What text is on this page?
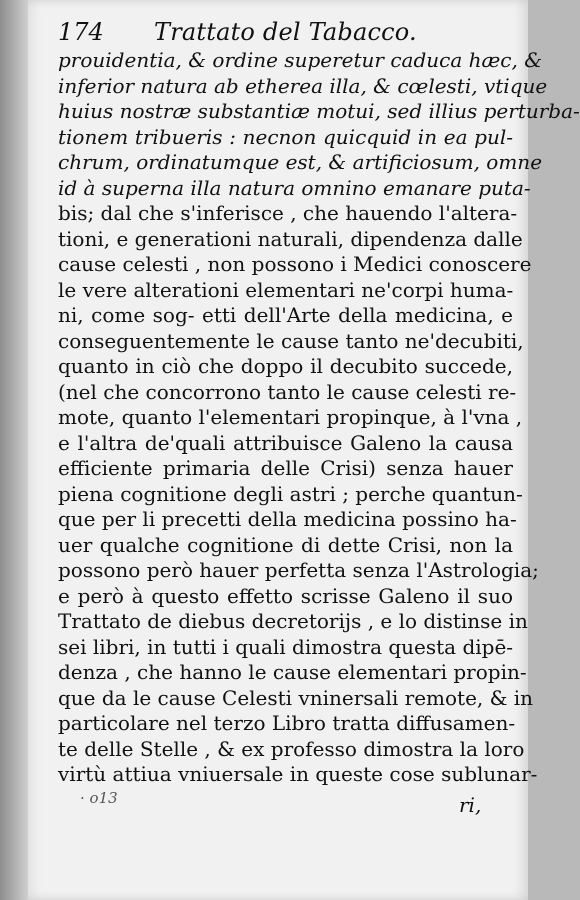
174 Trattato del Tabacco.
prouidentia, & ordine superetur caduca hæc, &
inferior natura ab etherea illa, & cœlesti, vtique
huius nostræ substantiæ motui, sed illius perturba-
tionem tribueris : necnon quicquid in ea pul-
chrum, ordinatumque est, & artificiosum, omne
id à superna illa natura omnino emanare puta-
bis; dal che s'inferisce , che hauendo l'altera-
tioni, e generationi naturali, dipendenza dalle
cause celesti , non possono i Medici conoscere
le vere alterationi elementari ne'corpi huma-
ni, come sog- etti dell'Arte della medicina, e
conseguentemente le cause tanto ne'decubiti,
quanto in ciò che doppo il decubito succede,
(nel che concorrono tanto le cause celesti re-
mote, quanto l'elementari propinque, à l'vna ,
e l'altra de'quali attribuisce Galeno la causa
efficiente primaria delle Crisi) senza hauer
piena cognitione degli astri ; perche quantun-
que per li precetti della medicina possino ha-
uer qualche cognitione di dette Crisi, non la
possono però hauer perfetta senza l'Astrologia;
e però à questo effetto scrisse Galeno il suo
Trattato de diebus decretorijs , e lo distinse in
sei libri, in tutti i quali dimostra questa dipē-
denza , che hanno le cause elementari propin-
que da le cause Celesti vninersali remote, & in
particolare nel terzo Libro tratta diffusamen-
te delle Stelle , & ex professo dimostra la loro
virtù attiua vniuersale in queste cose sublunar-
· o13	ri,
